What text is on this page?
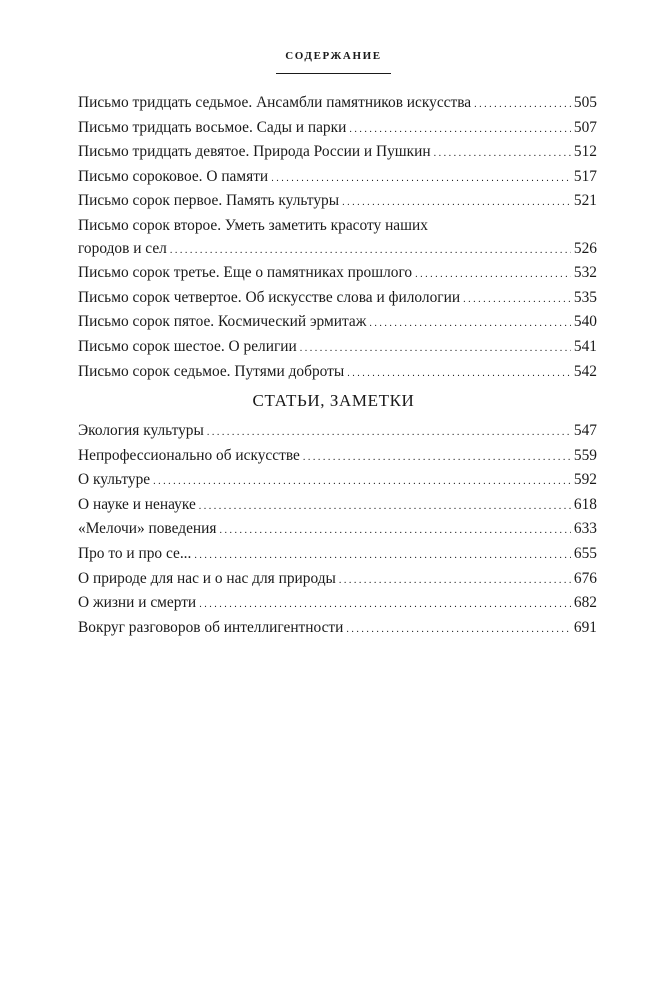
СОДЕРЖАНИЕ
Письмо тридцать седьмое. Ансамбли памятников искусства . . .	505
Письмо тридцать восьмое. Сады и парки . . .	507
Письмо тридцать девятое. Природа России и Пушкин . . .	512
Письмо сороковое. О памяти . . .	517
Письмо сорок первое. Память культуры . . .	521
Письмо сорок второе. Уметь заметить красоту наших
городов и сел . . .	526
Письмо сорок третье. Еще о памятниках прошлого . . .	532
Письмо сорок четвертое. Об искусстве слова и филологии . . .	535
Письмо сорок пятое. Космический эрмитаж . . .	540
Письмо сорок шестое. О религии . . .	541
Письмо сорок седьмое. Путями доброты . . .	542
СТАТЬИ, ЗАМЕТКИ
Экология культуры . . .	547
Непрофессионально об искусстве . . .	559
О культуре . . .	592
О науке и ненауке . . .	618
«Мелочи» поведения . . .	633
Про то и про се... . . .	655
О природе для нас и о нас для природы . . .	676
О жизни и смерти . . .	682
Вокруг разговоров об интеллигентности . . .	691
